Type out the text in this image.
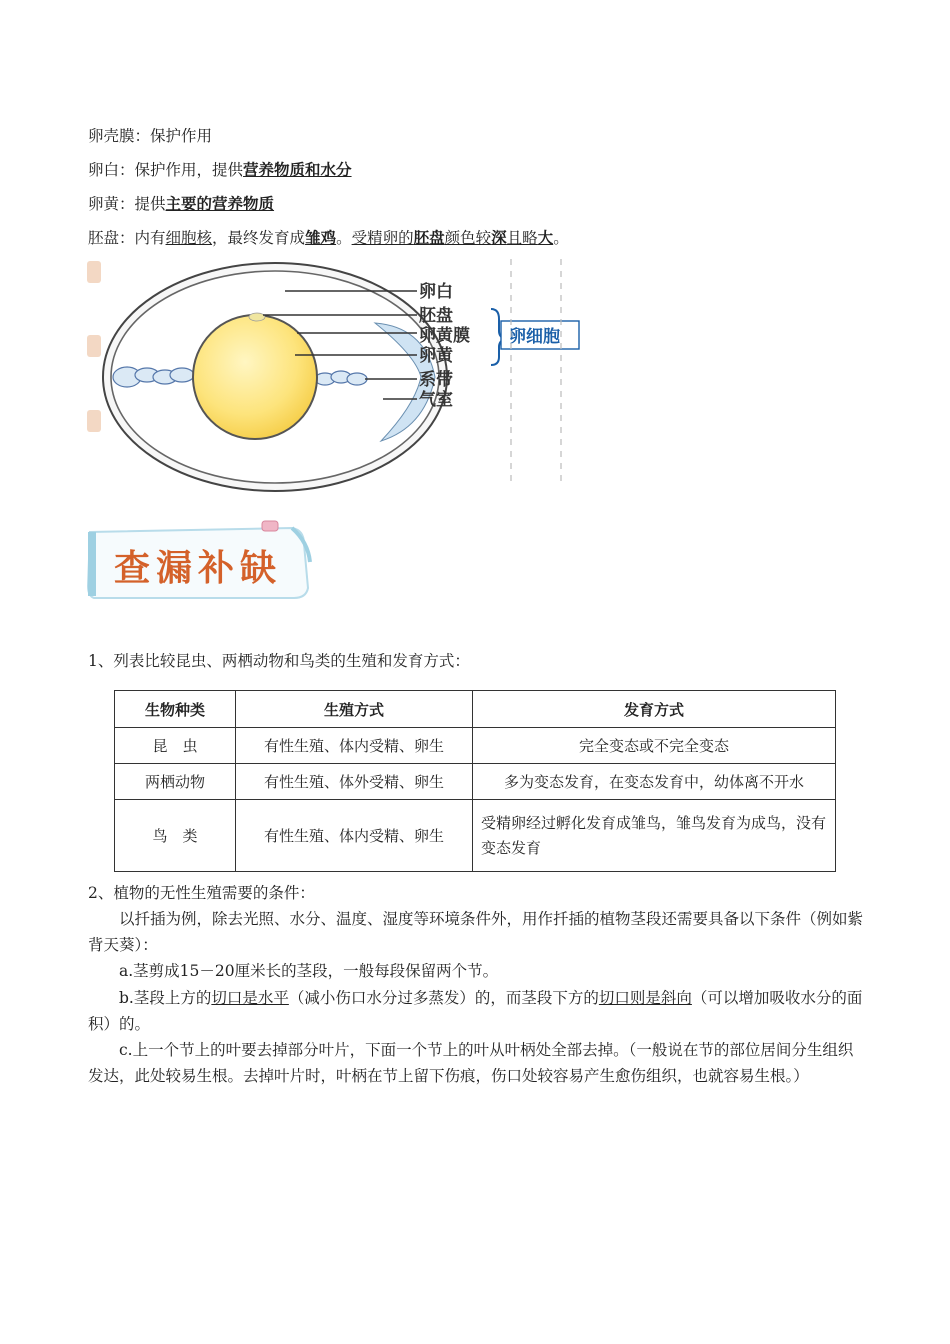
卵壳膜：保护作用
卵白：保护作用，提供营养物质和水分
卵黄：提供主要的营养物质
胚盘：内有细胞核，最终发育成雏鸡。受精卵的胚盘颜色较深且略大。
卵白
胚盘
卵黄膜
卵黄
系带
气室
卵细胞
查漏补缺
1、列表比较昆虫、两栖动物和鸟类的生殖和发育方式：
生物种类	生殖方式	发育方式
昆　虫	有性生殖、体内受精、卵生	完全变态或不完全变态
两栖动物	有性生殖、体外受精、卵生	多为变态发育，在变态发育中，幼体离不开水
鸟　类	有性生殖、体内受精、卵生	受精卵经过孵化发育成雏鸟，雏鸟发育为成鸟，没有变态发育
2、植物的无性生殖需要的条件：
以扦插为例，除去光照、水分、温度、湿度等环境条件外，用作扦插的植物茎段还需要具备以下条件（例如紫背天葵）：
a.茎剪成15－20厘米长的茎段，一般每段保留两个节。
b.茎段上方的切口是水平（减小伤口水分过多蒸发）的，而茎段下方的切口则是斜向（可以增加吸收水分的面积）的。
c.上一个节上的叶要去掉部分叶片，下面一个节上的叶从叶柄处全部去掉。（一般说在节的部位居间分生组织发达，此处较易生根。去掉叶片时，叶柄在节上留下伤痕，伤口处较容易产生愈伤组织，也就容易生根。）
